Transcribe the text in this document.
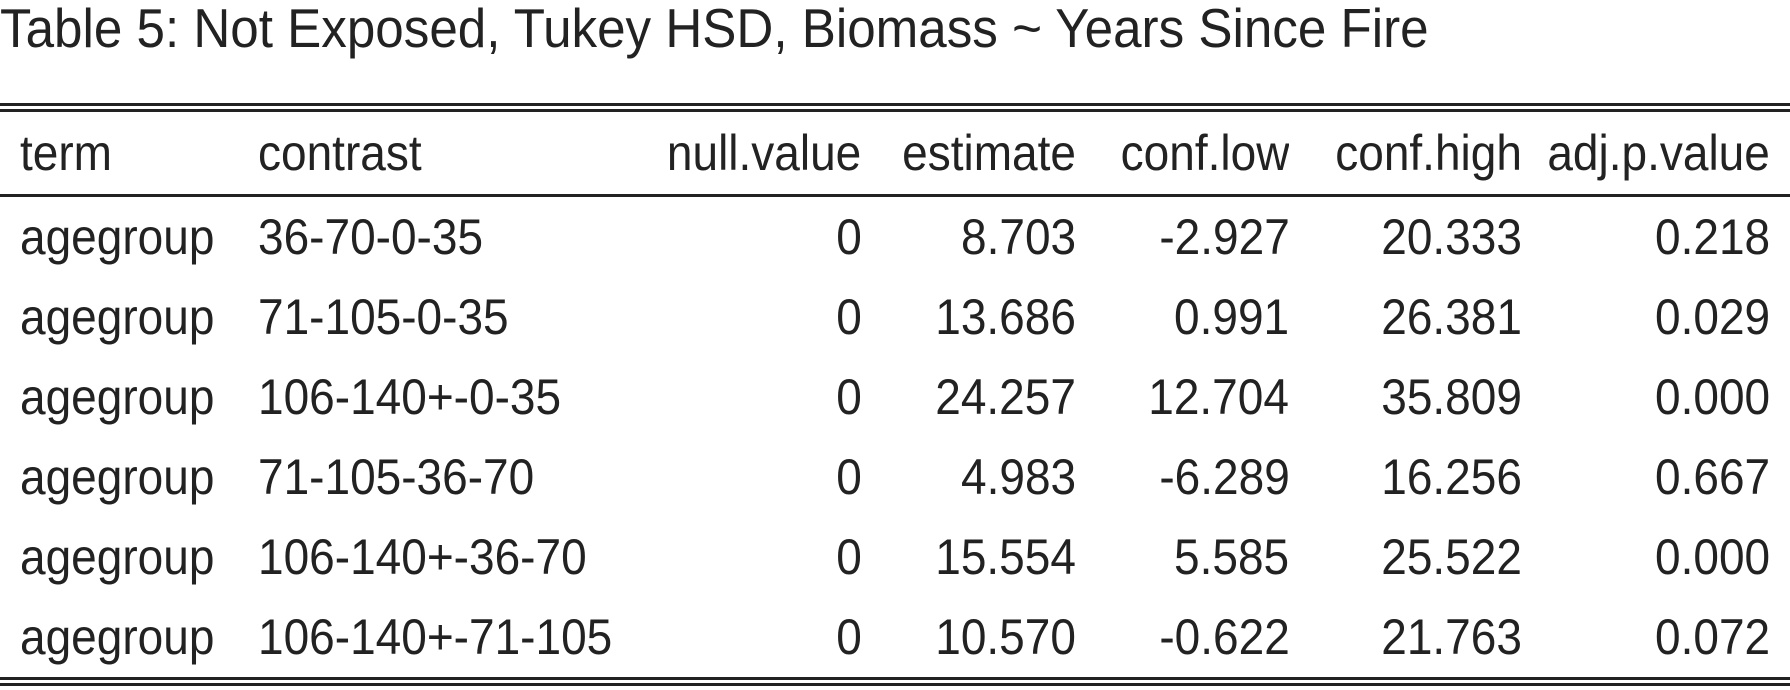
Table 5: Not Exposed, Tukey HSD, Biomass ~ Years Since Fire
term	contrast	null.value	estimate	conf.low	conf.high	adj.p.value
agegroup	36-70-0-35	0	8.703	-2.927	20.333	0.218
agegroup	71-105-0-35	0	13.686	0.991	26.381	0.029
agegroup	106-140+-0-35	0	24.257	12.704	35.809	0.000
agegroup	71-105-36-70	0	4.983	-6.289	16.256	0.667
agegroup	106-140+-36-70	0	15.554	5.585	25.522	0.000
agegroup	106-140+-71-105	0	10.570	-0.622	21.763	0.072
